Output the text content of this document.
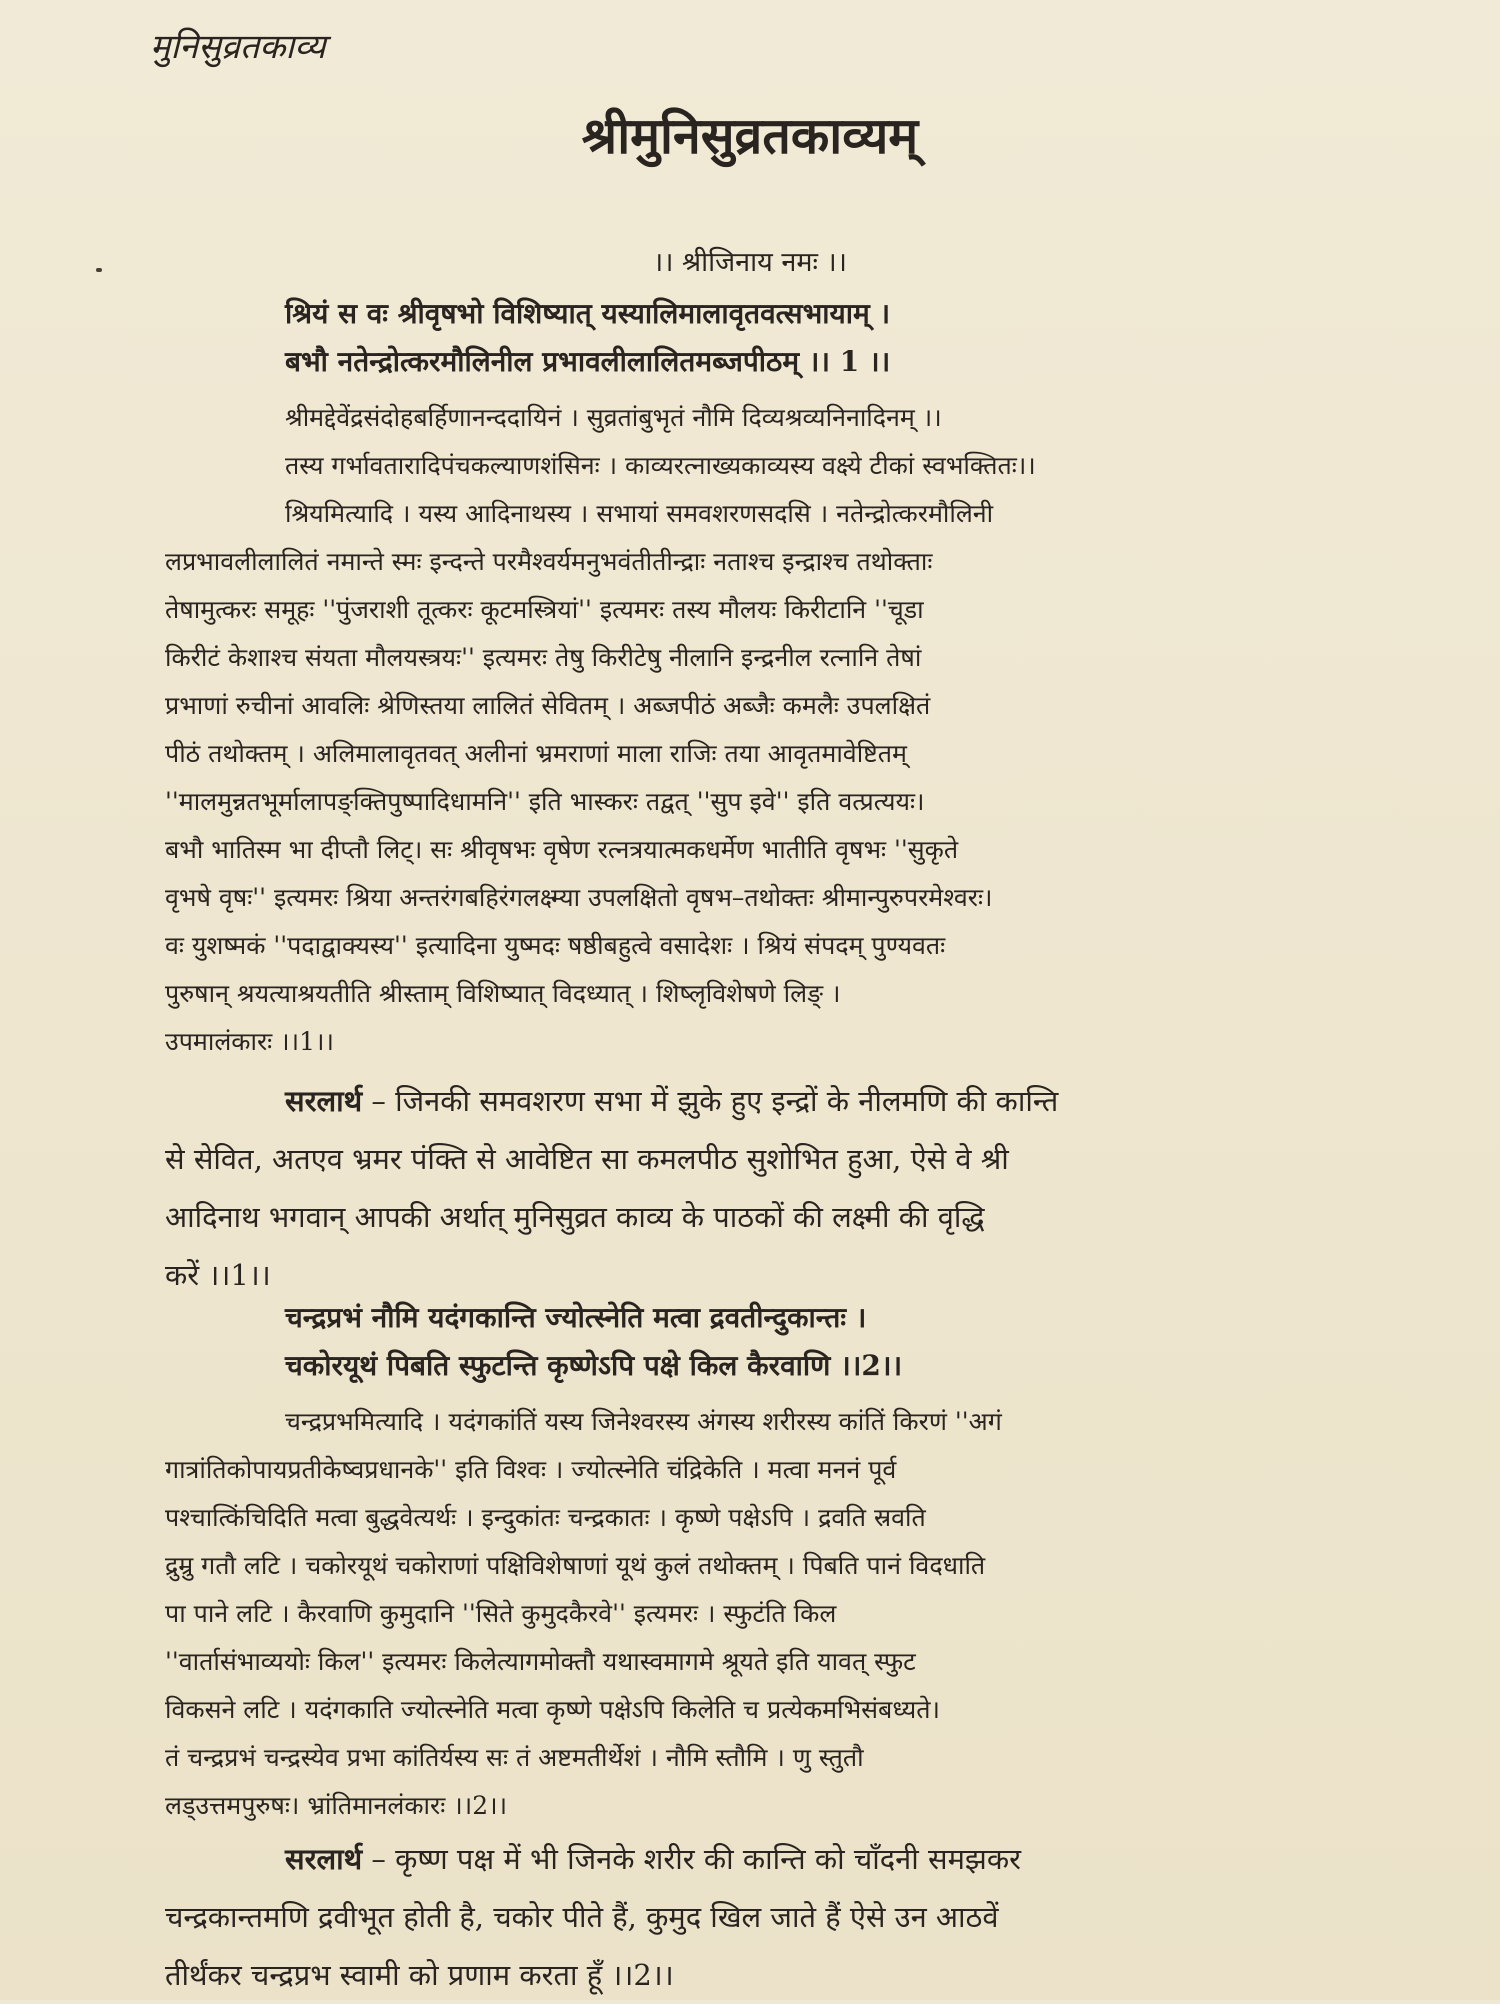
मुनिसुव्रतकाव्य
श्रीमुनिसुव्रतकाव्यम्
।। श्रीजिनाय नमः ।।
श्रियं स वः श्रीवृषभो विशिष्यात् यस्यालिमालावृतवत्सभायाम् ।
बभौ नतेन्द्रोत्करमौलिनील प्रभावलीलालितमब्जपीठम् ।। 1 ।।
श्रीमद्देवेंद्रसंदोहबर्हिणानन्ददायिनं । सुव्रतांबुभृतं नौमि दिव्यश्रव्यनिनादिनम् ।।
तस्य गर्भावतारादिपंचकल्याणशंसिनः । काव्यरत्नाख्यकाव्यस्य वक्ष्ये टीकां स्वभक्तितः।।
श्रियमित्यादि । यस्य आदिनाथस्य । सभायां समवशरणसदसि । नतेन्द्रोत्करमौलिनी
लप्रभावलीलालितं नमान्ते स्मः इन्दन्ते परमैश्वर्यमनुभवंतीतीन्द्राः नताश्च इन्द्राश्च तथोक्ताः
तेषामुत्करः समूहः ''पुंजराशी तूत्करः कूटमस्त्रियां'' इत्यमरः तस्य मौलयः किरीटानि ''चूडा
किरीटं केशाश्च संयता मौलयस्त्रयः'' इत्यमरः तेषु किरीटेषु नीलानि इन्द्रनील रत्नानि तेषां
प्रभाणां रुचीनां आवलिः श्रेणिस्तया लालितं सेवितम् । अब्जपीठं अब्जैः कमलैः उपलक्षितं
पीठं तथोक्तम् । अलिमालावृतवत् अलीनां भ्रमराणां माला राजिः तया आवृतमावेष्टितम्
''मालमुन्नतभूर्मालापङ्क्तिपुष्पादिधामनि'' इति भास्करः तद्वत् ''सुप इवे'' इति वत्प्रत्ययः।
बभौ भातिस्म भा दीप्तौ लिट्। सः श्रीवृषभः वृषेण रत्नत्रयात्मकधर्मेण भातीति वृषभः ''सुकृते
वृभषे वृषः'' इत्यमरः श्रिया अन्तरंगबहिरंगलक्ष्म्या उपलक्षितो वृषभ–तथोक्तः श्रीमान्पुरुपरमेश्वरः।
वः युशष्मकं ''पदाद्वाक्यस्य'' इत्यादिना युष्मदः षष्ठीबहुत्वे वसादेशः । श्रियं संपदम् पुण्यवतः
पुरुषान् श्रयत्याश्रयतीति श्रीस्ताम् विशिष्यात् विदध्यात् । शिष्लृविशेषणे लिङ् ।
उपमालंकारः ।।1।।
सरलार्थ – जिनकी समवशरण सभा में झुके हुए इन्द्रों के नीलमणि की कान्ति
से सेवित, अतएव भ्रमर पंक्ति से आवेष्टित सा कमलपीठ सुशोभित हुआ, ऐसे वे श्री
आदिनाथ भगवान् आपकी अर्थात् मुनिसुव्रत काव्य के पाठकों की लक्ष्मी की वृद्धि
करें ।।1।।
चन्द्रप्रभं नौमि यदंगकान्ति ज्योत्स्नेति मत्वा द्रवतीन्दुकान्तः ।
चकोरयूथं पिबति स्फुटन्ति कृष्णेऽपि पक्षे किल कैरवाणि ।।2।।
चन्द्रप्रभमित्यादि । यदंगकांतिं यस्य जिनेश्वरस्य अंगस्य शरीरस्य कांतिं किरणं ''अगं
गात्रांतिकोपायप्रतीकेष्वप्रधानके'' इति विश्वः । ज्योत्स्नेति चंद्रिकेति । मत्वा मननं पूर्व
पश्चात्किंचिदिति मत्वा बुद्धवेत्यर्थः । इन्दुकांतः चन्द्रकातः । कृष्णे पक्षेऽपि । द्रवति स्रवति
द्रुम्रु गतौ लटि । चकोरयूथं चकोराणां पक्षिविशेषाणां यूथं कुलं तथोक्तम् । पिबति पानं विदधाति
पा पाने लटि । कैरवाणि कुमुदानि ''सिते कुमुदकैरवे'' इत्यमरः । स्फुटंति किल
''वार्तासंभाव्ययोः किल'' इत्यमरः किलेत्यागमोक्तौ यथास्वमागमे श्रूयते इति यावत् स्फुट
विकसने लटि । यदंगकाति ज्योत्स्नेति मत्वा कृष्णे पक्षेऽपि किलेति च प्रत्येकमभिसंबध्यते।
तं चन्द्रप्रभं चन्द्रस्येव प्रभा कांतिर्यस्य सः तं अष्टमतीर्थेशं । नौमि स्तौमि । णु स्तुतौ
लड्उत्तमपुरुषः। भ्रांतिमानलंकारः ।।2।।
सरलार्थ – कृष्ण पक्ष में भी जिनके शरीर की कान्ति को चाँदनी समझकर
चन्द्रकान्तमणि द्रवीभूत होती है, चकोर पीते हैं, कुमुद खिल जाते हैं ऐसे उन आठवें
तीर्थंकर चन्द्रप्रभ स्वामी को प्रणाम करता हूँ ।।2।।
